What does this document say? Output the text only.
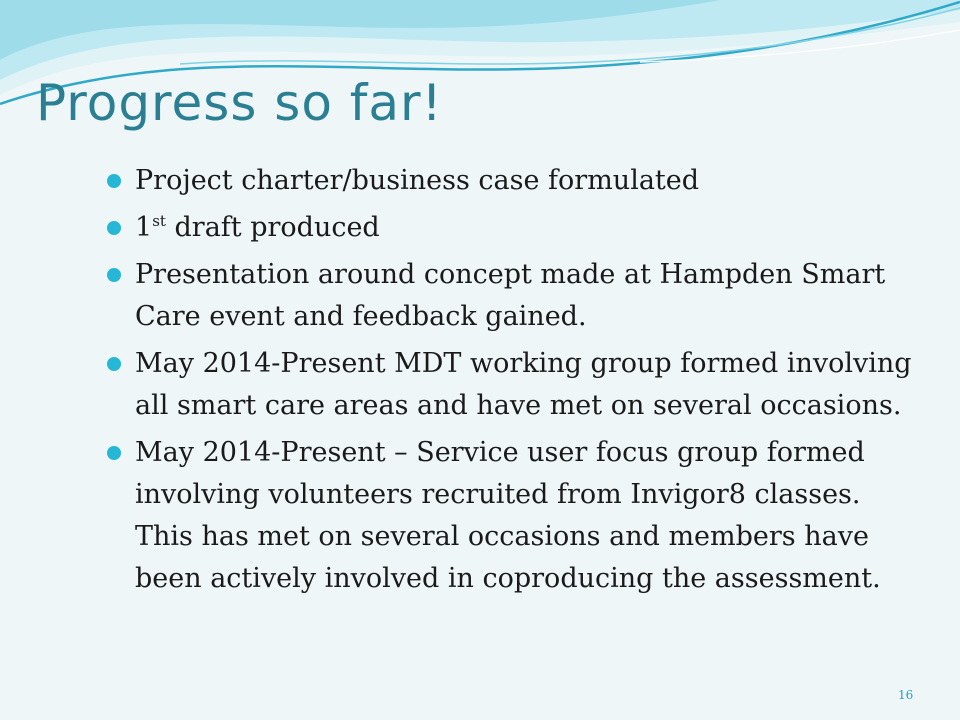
Progress so far!
Project charter/business case formulated
1st draft produced
Presentation around concept made at Hampden Smart Care event and feedback gained.
May 2014-Present MDT working group formed involving all smart care areas and have met on several occasions.
May 2014-Present – Service user focus group formed involving volunteers recruited from Invigor8 classes. This has met on several occasions and members have been actively involved in coproducing the assessment.
16
